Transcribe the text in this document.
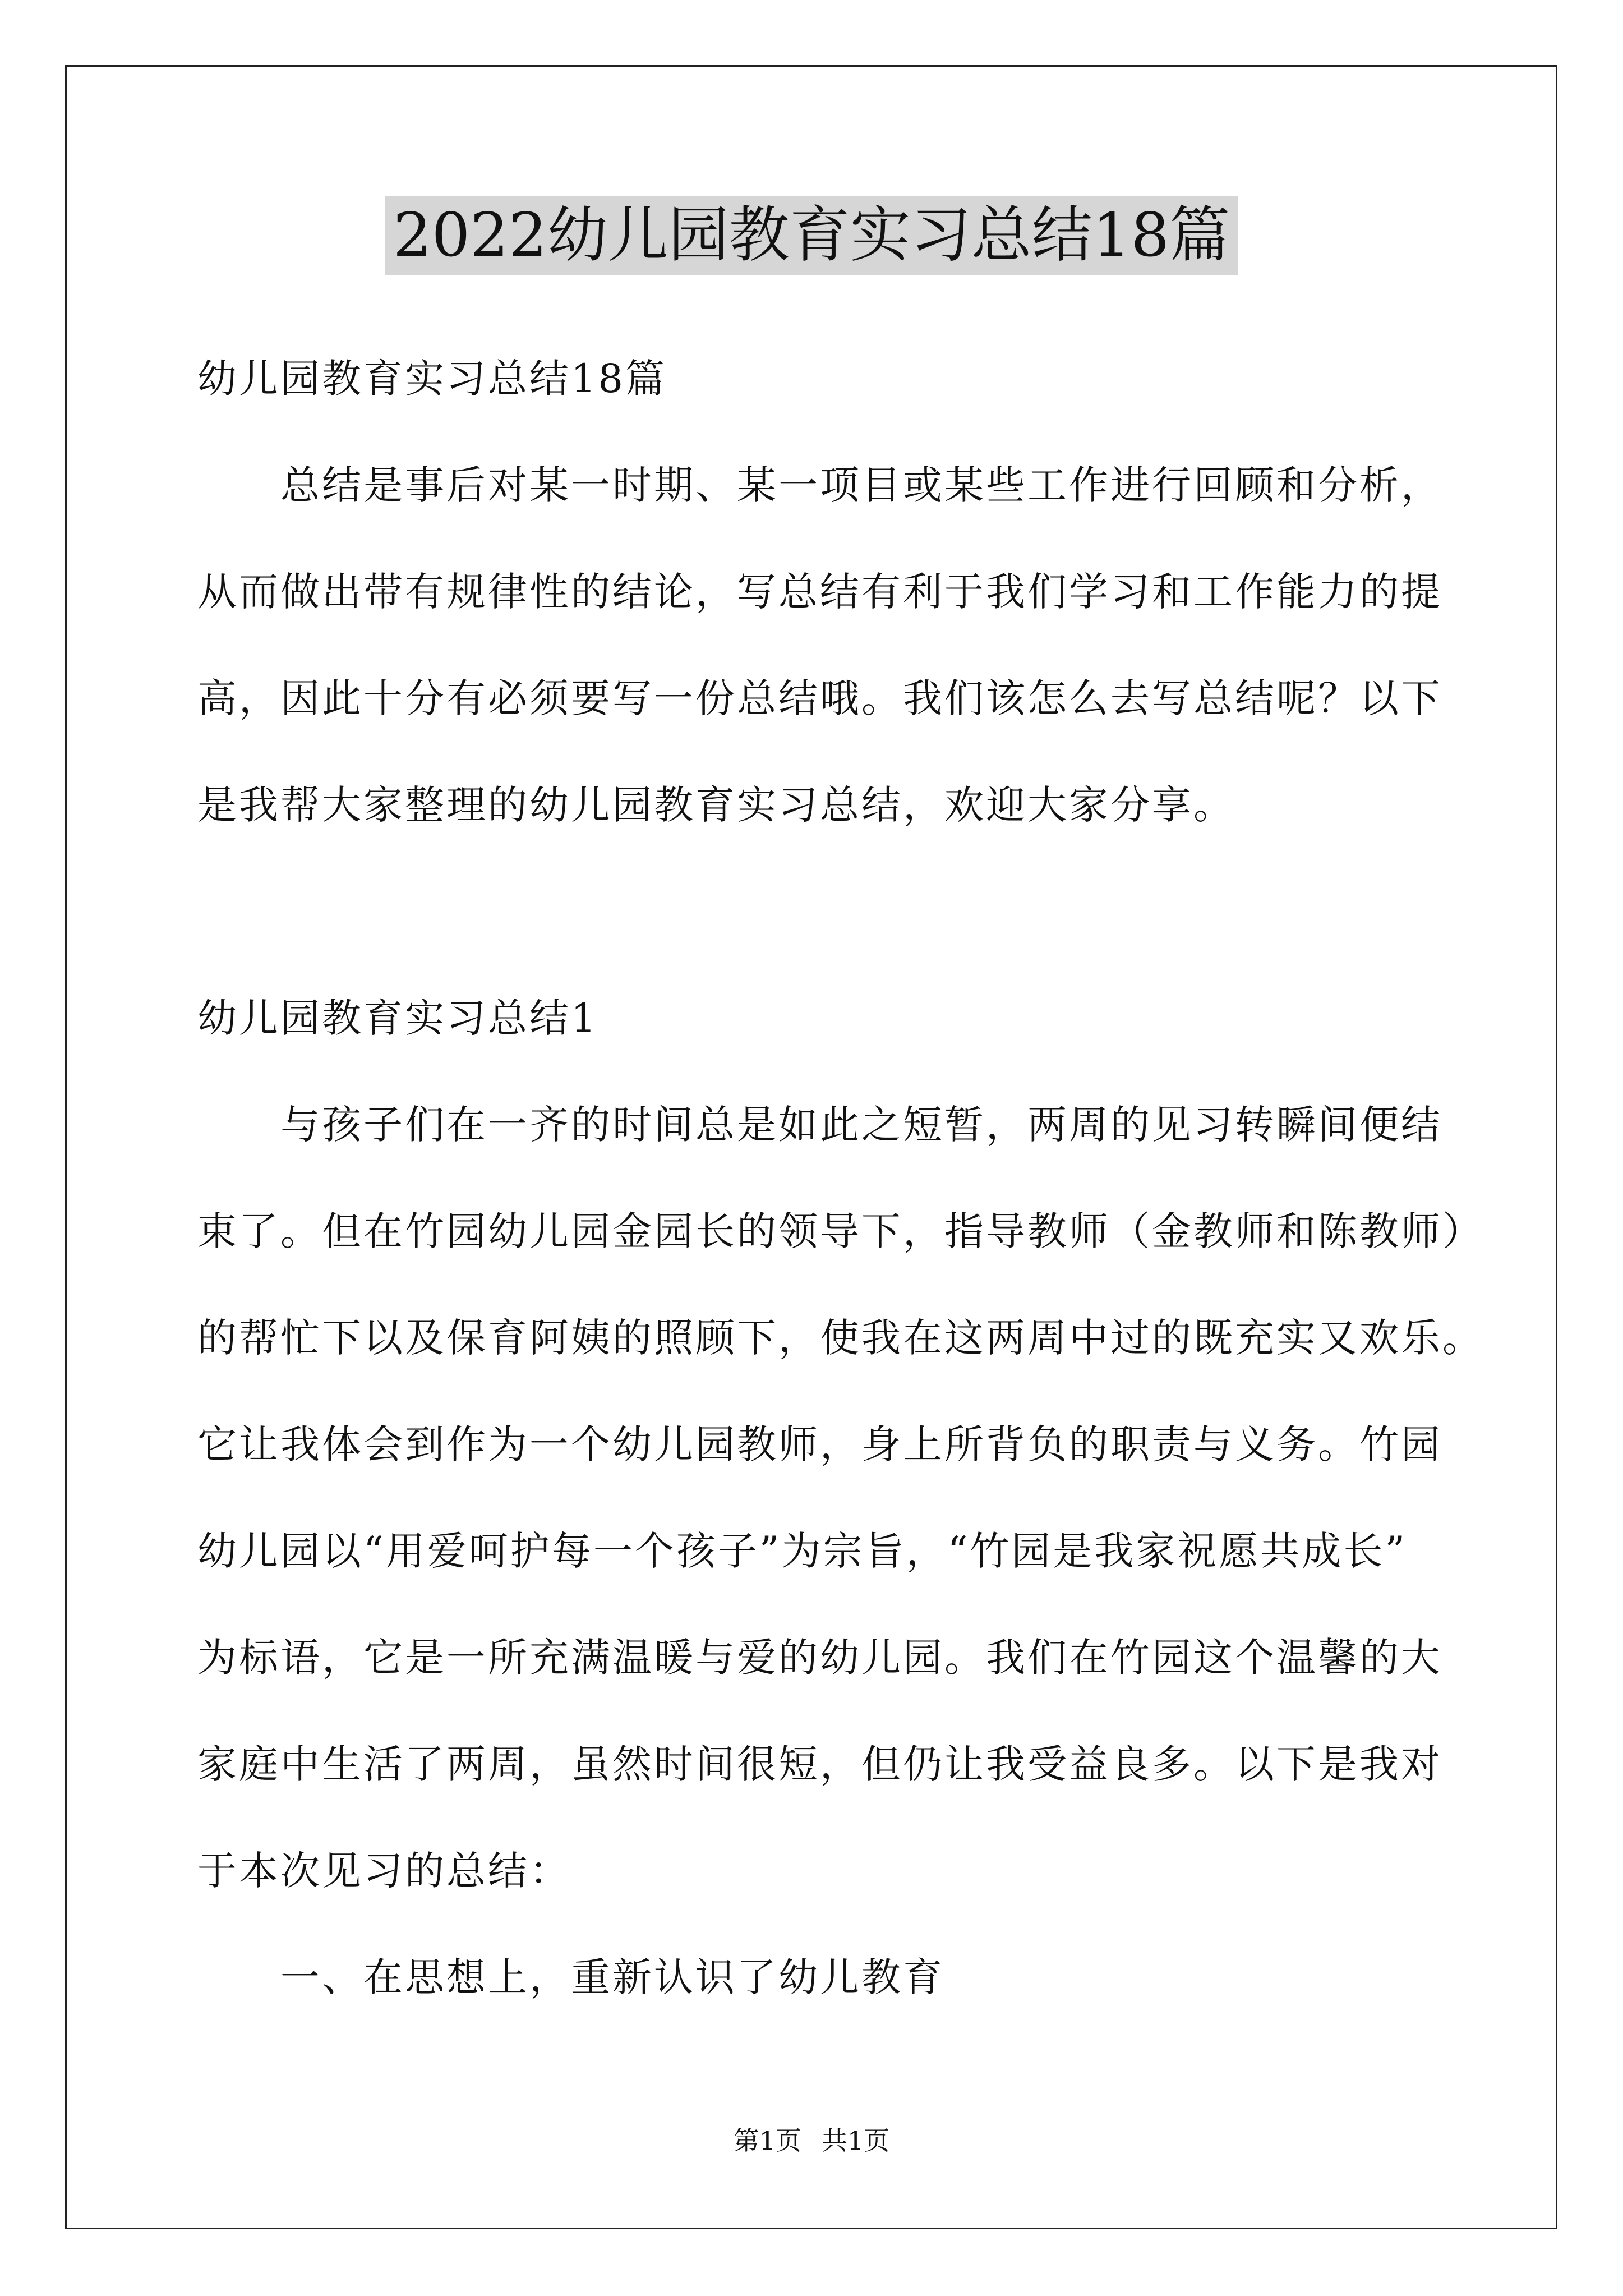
2022幼儿园教育实习总结18篇
幼儿园教育实习总结18篇
总结是事后对某一时期、某一项目或某些工作进行回顾和分析，
从而做出带有规律性的结论，写总结有利于我们学习和工作能力的提
高，因此十分有必须要写一份总结哦。我们该怎么去写总结呢？以下
是我帮大家整理的幼儿园教育实习总结，欢迎大家分享。
幼儿园教育实习总结1
与孩子们在一齐的时间总是如此之短暂，两周的见习转瞬间便结
束了。但在竹园幼儿园金园长的领导下，指导教师（金教师和陈教师）
的帮忙下以及保育阿姨的照顾下，使我在这两周中过的既充实又欢乐。
它让我体会到作为一个幼儿园教师，身上所背负的职责与义务。竹园
幼儿园以“用爱呵护每一个孩子”为宗旨，“竹园是我家祝愿共成长”
为标语，它是一所充满温暖与爱的幼儿园。我们在竹园这个温馨的大
家庭中生活了两周，虽然时间很短，但仍让我受益良多。以下是我对
于本次见习的总结：
一、在思想上，重新认识了幼儿教育
第1页 共1页
